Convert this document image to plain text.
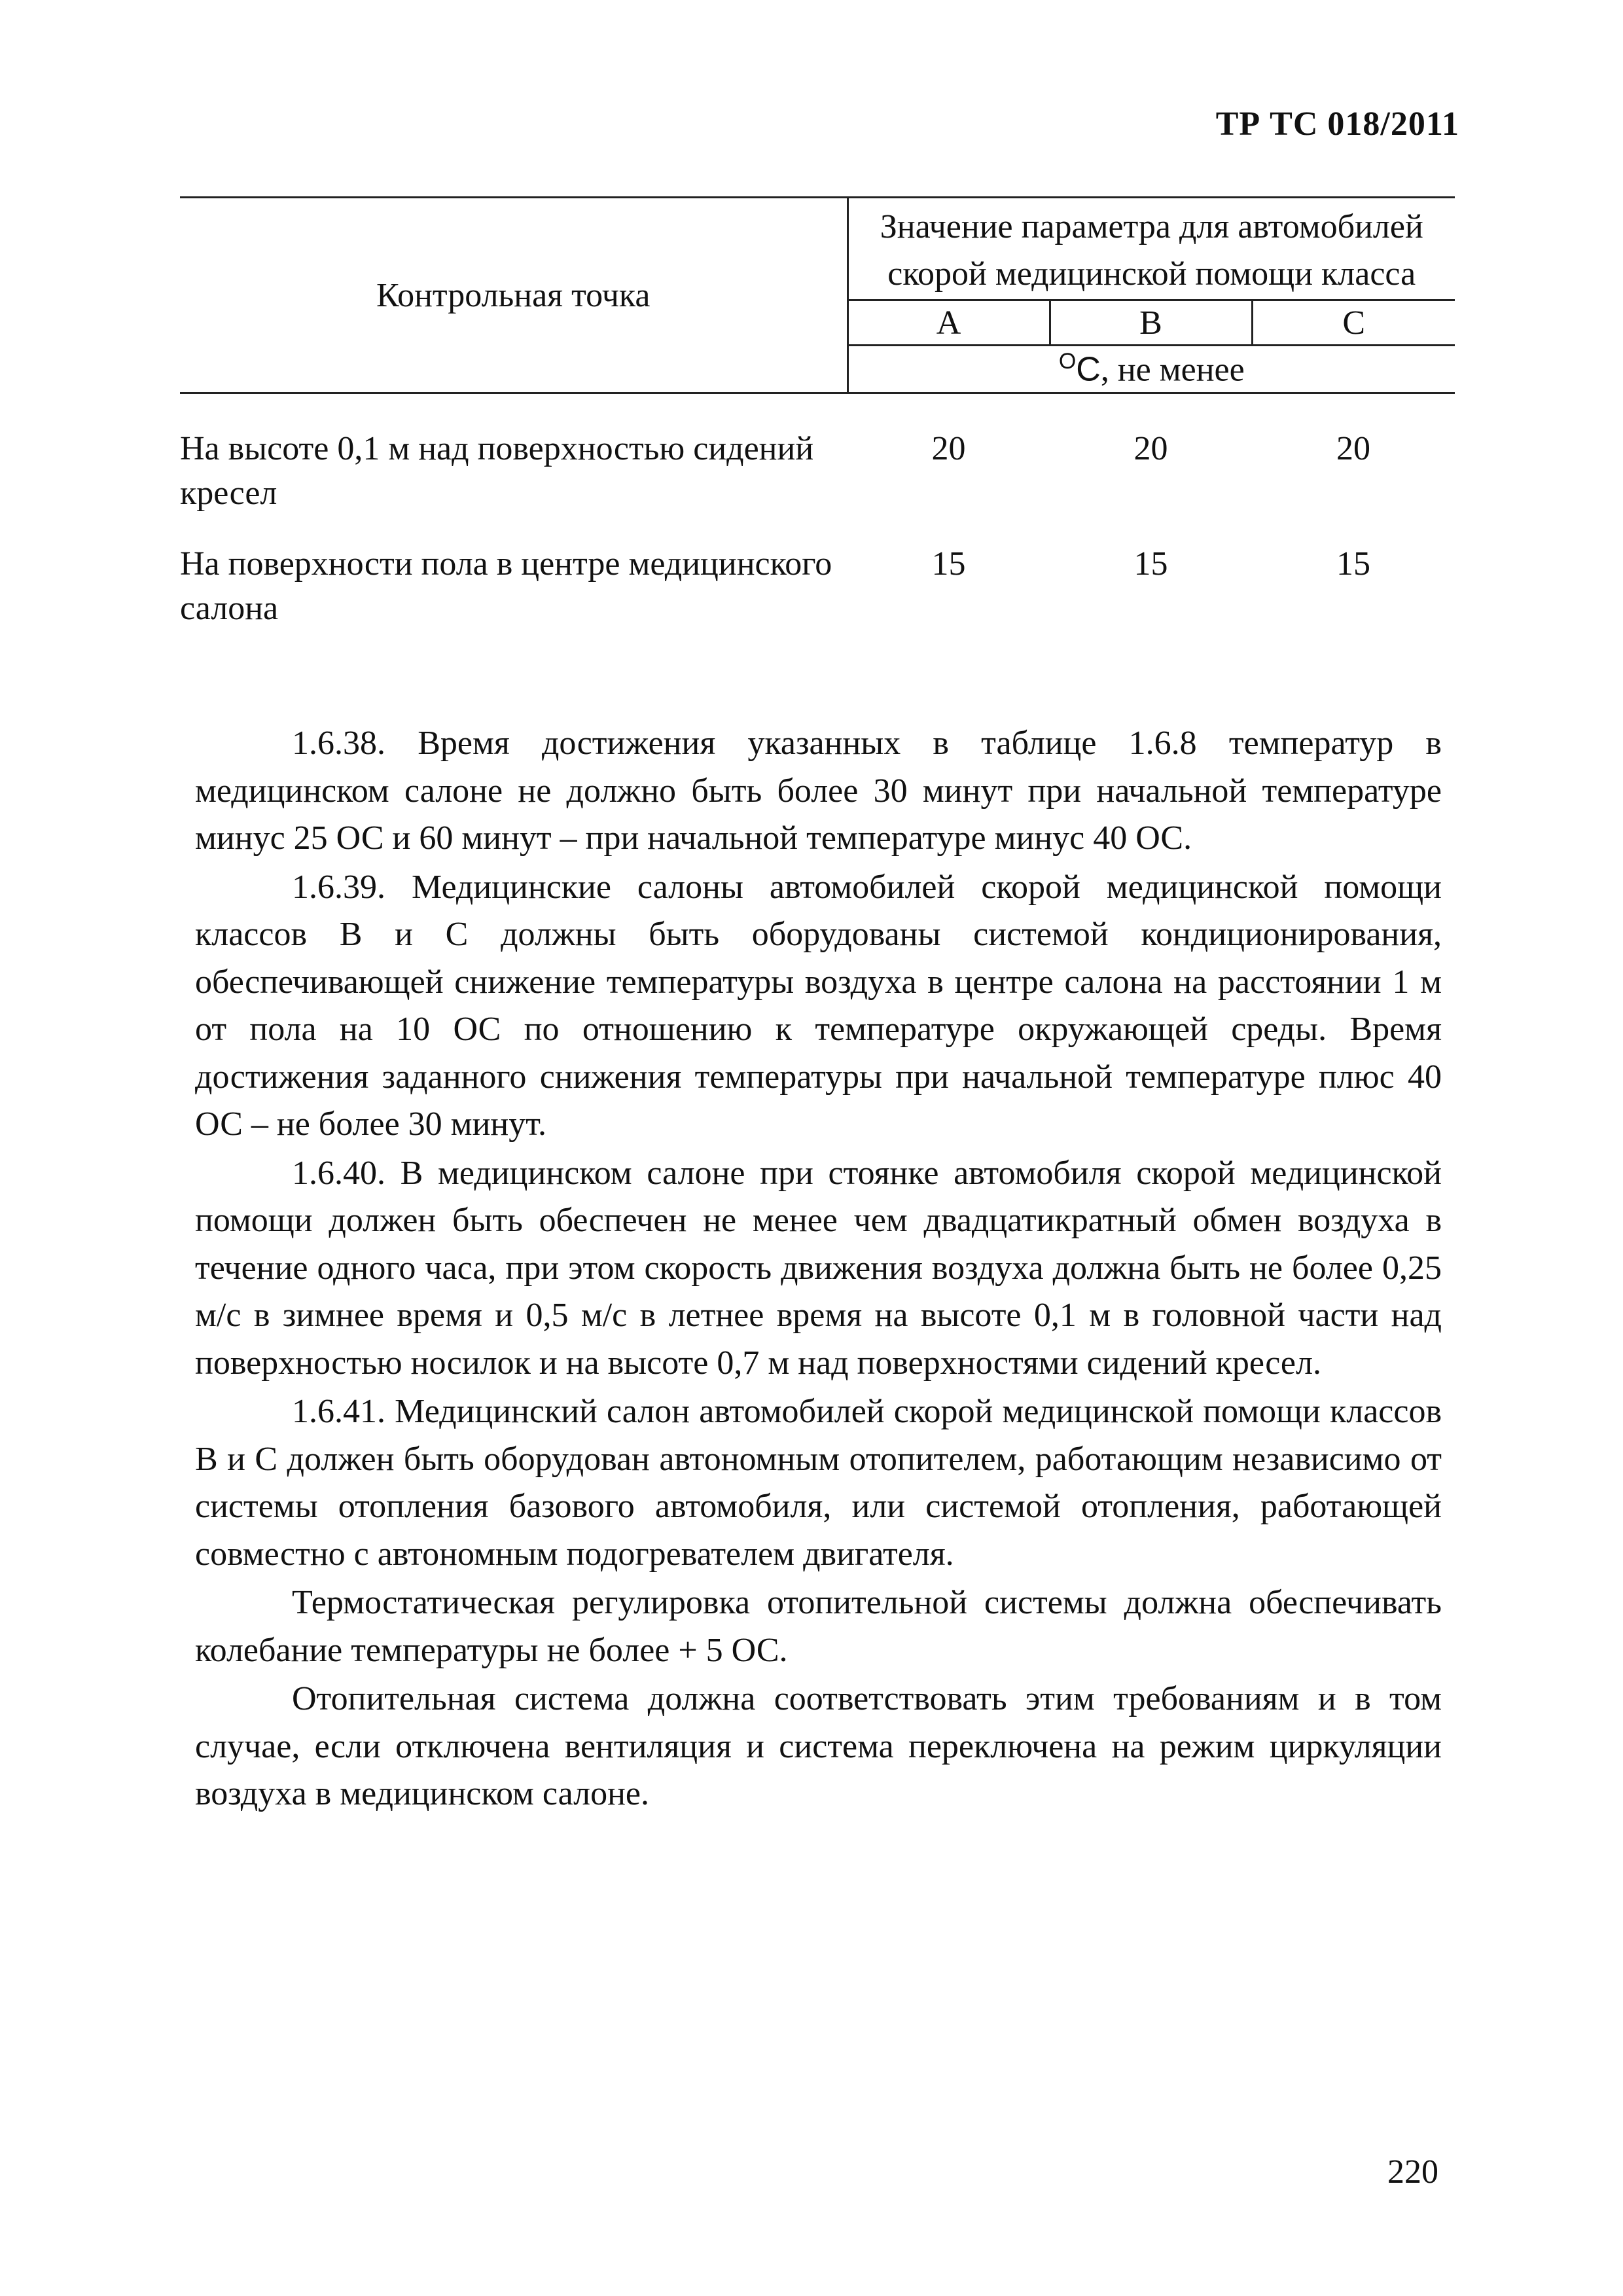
ТР ТС 018/2011
Контрольная точка	Значение параметра для автомобилей скорой медицинской помощи класса		
	А	В	С
	$^O$С, не менее		

На высоте 0,1 м над поверхностью сидений кресел	20	20	20
На поверхности пола в центре медицинского салона	15	15	15

1.6.38. Время достижения указанных в таблице 1.6.8 температур в медицинском салоне не должно быть более 30 минут при начальной температуре минус 25 ОС и 60 минут – при начальной температуре минус 40 ОС.

1.6.39. Медицинские салоны автомобилей скорой медицинской помощи классов В и С должны быть оборудованы системой кондиционирования, обеспечивающей снижение температуры воздуха в центре салона на расстоянии 1 м от пола на 10 ОС по отношению к температуре окружающей среды. Время достижения заданного снижения температуры при начальной температуре плюс 40 ОС – не более 30 минут.

1.6.40. В медицинском салоне при стоянке автомобиля скорой медицинской помощи должен быть обеспечен не менее чем двадцатикратный обмен воздуха в течение одного часа, при этом скорость движения воздуха должна быть не более 0,25 м/с в зимнее время и 0,5 м/с в летнее время на высоте 0,1 м в головной части над поверхностью носилок и на высоте 0,7 м над поверхностями сидений кресел.

1.6.41. Медицинский салон автомобилей скорой медицинской помощи классов В и С должен быть оборудован автономным отопителем, работающим независимо от системы отопления базового автомобиля, или системой отопления, работающей совместно с автономным подогревателем двигателя.

Термостатическая регулировка отопительной системы должна обеспечивать колебание температуры не более + 5 ОС.

Отопительная система должна соответствовать этим требованиям и в том случае, если отключена вентиляция и система переключена на режим циркуляции воздуха в медицинском салоне.

220
